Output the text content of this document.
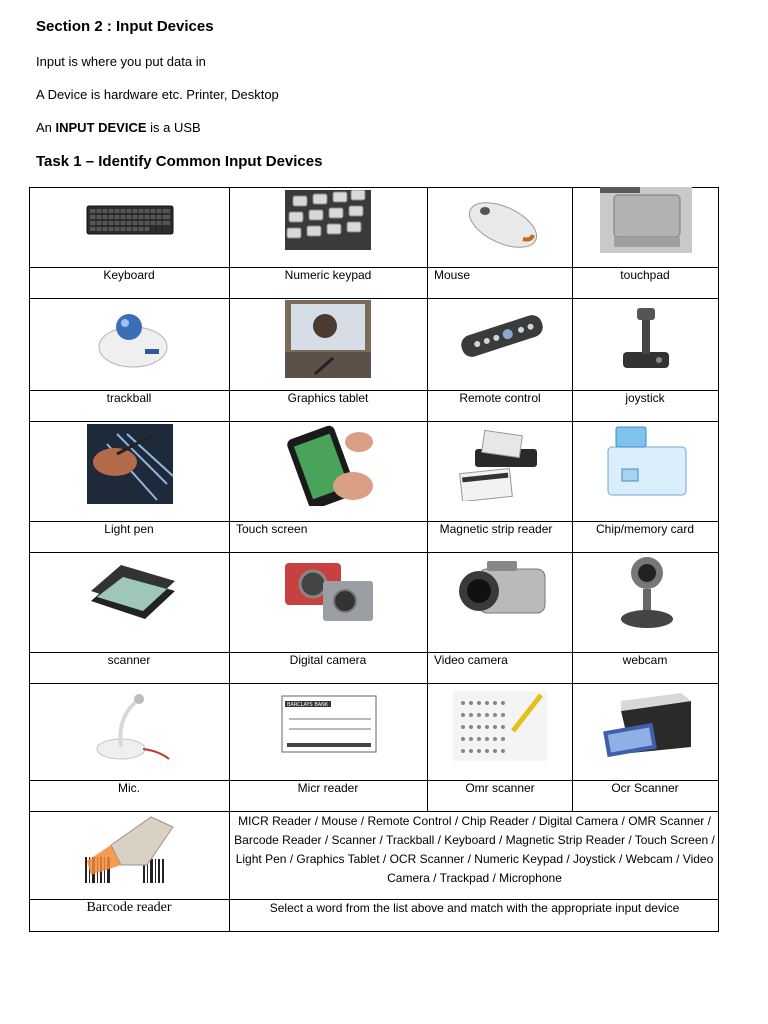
Section 2 : Input Devices
Input is where you put data in
A Device is hardware etc. Printer, Desktop
An INPUT DEVICE is a USB
Task 1 – Identify Common Input Devices
BARCLAYS BANK
Keyboard	Numeric keypad	Mouse	touchpad
trackball	Graphics tablet	Remote control	joystick
Light pen	Touch screen	Magnetic strip reader	Chip/memory card
scanner	Digital camera	Video camera	webcam
Mic.	Micr reader	Omr scanner	Ocr Scanner
MICR Reader / Mouse / Remote Control / Chip Reader / Digital Camera / OMR Scanner / Barcode Reader / Scanner / Trackball / Keyboard / Magnetic Strip Reader / Touch Screen / Light Pen / Graphics Tablet / OCR Scanner / Numeric Keypad / Joystick / Webcam / Video Camera / Trackpad / Microphone
Barcode reader	Select a word from the list above and match with the appropriate input device
